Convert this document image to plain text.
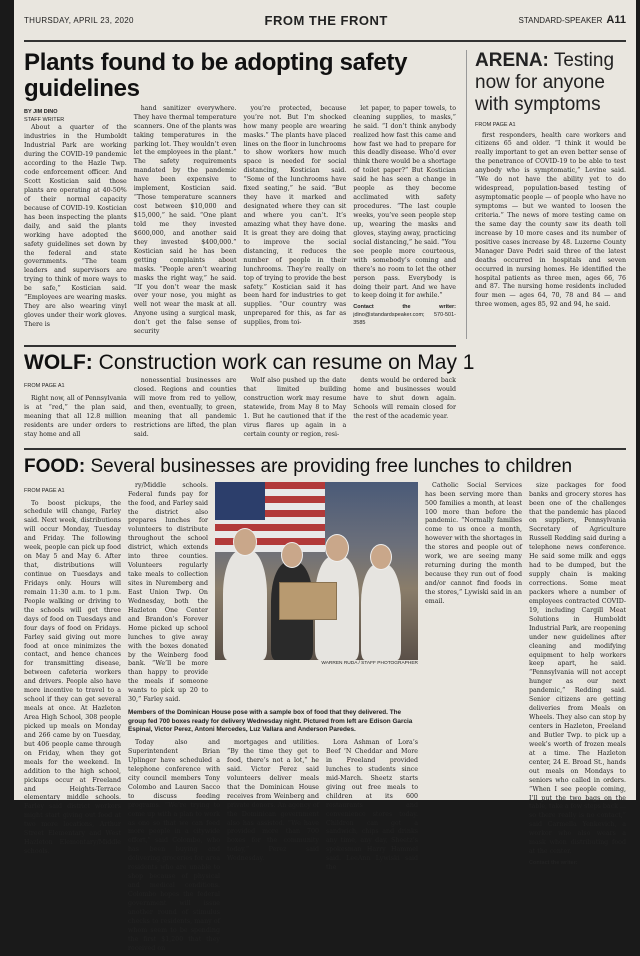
THURSDAY, APRIL 23, 2020	FROM THE FRONT	STANDARD-SPEAKER A11
Plants found to be adopting safety guidelines
BY JIM DINO
STAFF WRITER

About a quarter of the industries in the Humboldt Industrial Park are working during the COVID-19 pandemic according to the Hazle Twp. code enforcement officer. And Scott Kostician said those plants are operating at 40-50% of their normal capacity because of COVID-19. Kostician has been inspecting the plants daily, and said the plants working have adopted the safety guidelines set down by the federal and state governments. “The team leaders and supervisors are trying to think of more ways to be safe,” Kostician said. “Employees are wearing masks. They are also wearing vinyl gloves under their work gloves. There is

hand sanitizer everywhere. They have thermal temperature scanners. One of the plants was taking temperatures in the parking lot. They wouldn’t even let the employees in the plant.” The safety requirements mandated by the pandemic have been expensive to implement, Kostician said. “Those temperature scanners cost between $10,000 and $15,000,” he said. “One plant told me they invested $600,000, and another said they invested $400,000.” Kostician said he has been getting complaints about masks. “People aren’t wearing masks the right way,” he said. “If you don’t wear the mask over your nose, you might as well not wear the mask at all. Anyone using a surgical mask, don’t get the false sense of security

you’re protected, because you’re not. But I’m shocked how many people are wearing masks.” The plants have placed lines on the floor in lunchrooms to show workers how much space is needed for social distancing, Kostician said. “Some of the lunchrooms have fixed seating,” he said. “But they have it marked and designated where they can sit and where you can’t. It’s amazing what they have done. It is great they are doing that to improve the social distancing, it reduces the number of people in their lunchrooms. They’re really on top of trying to provide the best safety.” Kostician said it has been hard for industries to get supplies. “Our country was unprepared for this, as far as supplies, from toi-

let paper, to paper towels, to cleaning supplies, to masks,” he said. “I don’t think anybody realized how fast this came and how fast we had to prepare for this deadly disease. Who’d ever think there would be a shortage of toilet paper?” But Kostician said he has seen a change in people as they become acclimated with safety procedures. “The last couple weeks, you’ve seen people step up, wearing the masks and gloves, staying away, practicing social distancing,” he said. “You see people more courteous, with somebody’s coming and there’s no room to let the other person pass. Everybody is doing their part. And we have to keep doing it for awhile.”

Contact the writer: jdino@standardspeaker.com; 570-501-3585
ARENA: Testing now for anyone with symptoms
FROM PAGE A1

first responders, health care workers and citizens 65 and older. “I think it would be really important to get an even better sense of the penetrance of COVID-19 to be able to test anybody who is symptomatic,” Levine said. “We do not have the ability yet to do widespread, population-based testing of asymptomatic people — of people who have no symptoms — but we wanted to loosen the criteria.” The news of more testing came on the same day the county saw its death toll increase by 10 more cases and its number of positive cases increase by 48. Luzerne County Manager Dave Pedri said three of the latest deaths occurred in hospitals and seven occurred in nursing homes. He identified the hospital patients as three men, ages 66, 76 and 87. The nursing home residents included four men — ages 64, 70, 78 and 84 — and three women, ages 85, 92 and 94, he said.

WOLF: Construction work can resume on May 1
FROM PAGE A1

Right now, all of Pennsylvania is at “red,” the plan said, meaning that all 12.8 million residents are under orders to stay home and all

nonessential businesses are closed. Regions and counties will move from red to yellow, and then, eventually, to green, meaning that all pandemic restrictions are lifted, the plan said.

Wolf also pushed up the date that limited building construction work may resume statewide, from May 8 to May 1. But he cautioned that if the virus flares up again in a certain county or region, resi-

dents would be ordered back home and businesses would have to shut down again. Schools will remain closed for the rest of the academic year.

FOOD: Several businesses are providing free lunches to children
FROM PAGE A1

To boost pickups, the schedule will change, Farley said. Next week, distributions will occur Monday, Tuesday and Friday. The following week, people can pick up food on May 5 and May 6. After that, distributions will continue on Tuesdays and Fridays only. Hours will remain 11:30 a.m. to 1 p.m. People walking or driving to the schools will get three days of food on Tuesdays and four days of food on Fridays. Farley said giving out more food at once minimizes the contact, and hence chances for transmitting disease, between cafeteria workers and drivers. People also have more incentive to travel to a school if they can get several meals at once. At Hazleton Area High School, 308 people picked up meals on Monday and 266 came by on Tuesday, but 406 people came through on Friday, when they got meals for the weekend. In addition to the high school, pickups occur at Freeland and Heights-Terrace elementary middle schools. Farley said district workers might start giving out food at two more locations, Arthur Street Elementary and West Hazleton Elementary/Middle schools.

ry/Middle schools. Federal funds pay for the food, and Farley said the district also prepares lunches for volunteers to distribute throughout the school district, which extends into three counties. Volunteers regularly take meals to collection sites in Nuremberg and East Union Twp. On Wednesday, both the Hazleton One Center and Brandon’s Forever Home picked up school lunches to give away with the boxes donated by the Weinberg food bank. “We’ll be more than happy to provide the meals if someone wants to pick up 20 to 30,” Farley said.

WARREN RUDA / STAFF PHOTOGRAPHER
Members of the Dominican House pose with a sample box of food that they delivered. The group fed 700 boxes ready for delivery Wednesday night. Pictured from left are Edison Garcia Espinal, Victor Perez, Antoni Mercedes, Luz Vallara and Anderson Paredes.

Today also and Superintendent Brian Uplinger have scheduled a telephone conference with city council members Tony Colombo and Lauren Sacco to discuss feeding programs. “We’re trying to come up with a plan to work as one so that we can feed more people in a citywide effort,” said Colombo, who has been buying and delivering groceries for area residents who are unable to shop because of physical and medical conditions. Colombo hopes the federal government will issue another round of stimulus checks to residents, many of whom seem to be spending the first $1,200 that they received on

mortgages and utilities. “By the time they get to food, there’s not a lot,” he said. Victor Perez said volunteers deliver meals that the Dominican House receives from Weinberg and private donors. An agency of the Dominican government also has assisted. “We have provided more than 700 boxes for the community today,” Perez said Wednesday.

Lora Ashman of Lora’s Beef ’N Cheddar and More in Freeland provided lunches to students since mid-March. Sheetz starts giving out free meals to children at its 600 restaurants and convenience stores today. Children can get a sandwich, chips and drinks any time, any day, Sheetz’s spokesman Harry Hammel said. LeeAnn Lywiski said the

Catholic Social Services has been serving more than 500 families a month, at least 100 more than before the pandemic. “Normally families come to us once a month, however with the shortages in the stores and people out of work, we are seeing many returning during the month because they run out of food and/or cannot find foods in the stores,” Lywiski said in an email.

size packages for food banks and grocery stores has been one of the challenges that the pandemic has placed on suppliers, Pennsylvania Secretary of Agriculture Russell Redding said during a telephone news conference. He said some milk and eggs had to be dumped, but the supply chain is making corrections. Some meat packers where a number of employees contracted COVID-19, including Cargill Meat Solutions in Humboldt Industrial Park, are reopening under new guidelines after cleaning and modifying equipment to help workers keep apart, he said. “Pennsylvania will not accept hunger as our next pandemic,” Redding said. Senior citizens are getting deliveries from Meals on Wheels. They also can stop by centers in Hazleton, Freeland and Butler Twp. to pick up a week’s worth of frozen meals at a time. The Hazleton center, 24 E. Broad St., hands out meals on Mondays to seniors who called in orders. “When I see people coming, I’ll put the two bags on the table, take a few steps back ... so there really is no contact,” said Carmella Yenkevich, a worker who also wears a mask when distributing food at the center.

Contact the writer:
